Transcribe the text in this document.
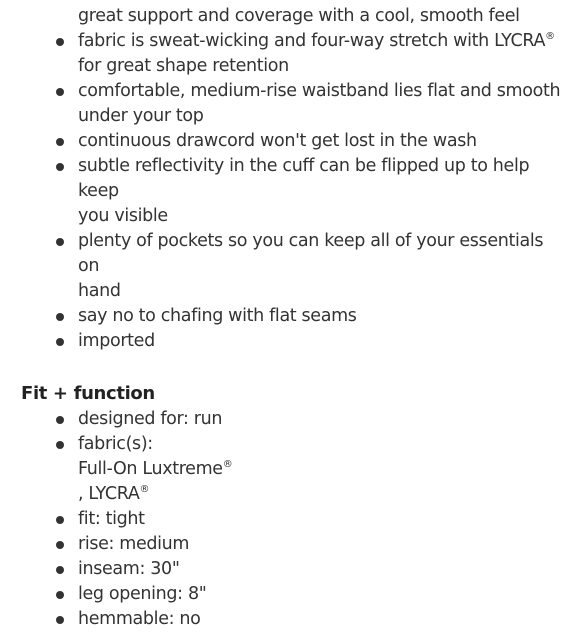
great support and coverage with a cool, smooth feel
fabric is sweat-wicking and four-way stretch with LYCRA®
for great shape retention
comfortable, medium-rise waistband lies flat and smooth
under your top
continuous drawcord won't get lost in the wash
subtle reflectivity in the cuff can be flipped up to help keep
you visible
plenty of pockets so you can keep all of your essentials on
hand
say no to chafing with flat seams
imported
Fit + function
designed for: run
fabric(s):
Full-On Luxtreme®
, LYCRA®
fit: tight
rise: medium
inseam: 30"
leg opening: 8"
hemmable: no
